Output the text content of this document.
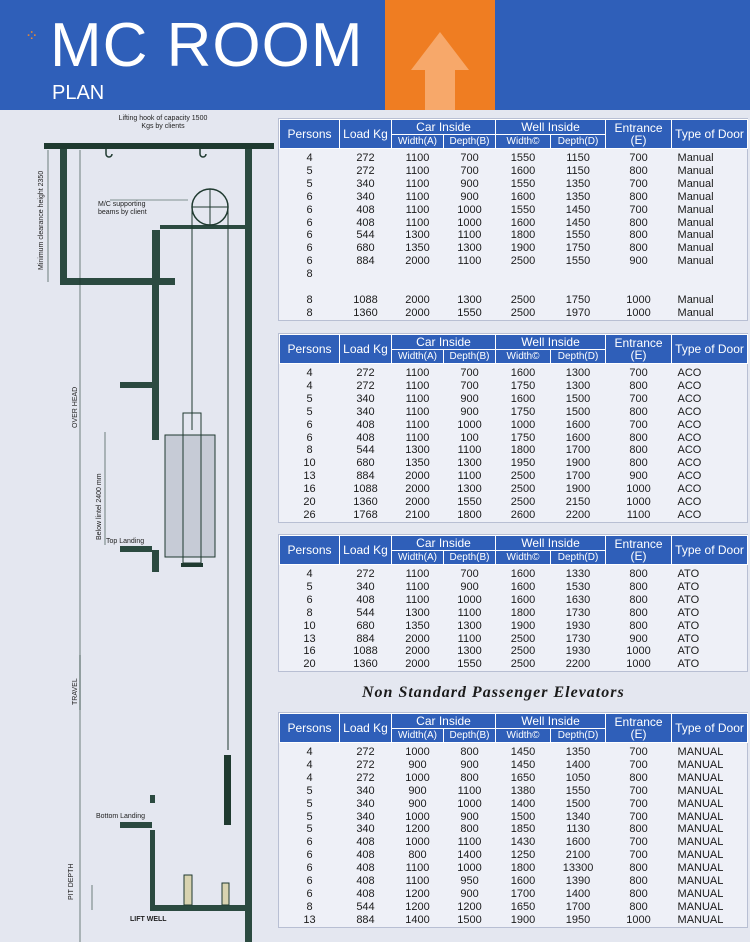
⁘ MC ROOM
PLAN
Lifting hook of capacity 1500 Kgs by clients
Minimum clearance height 2350	M/C supporting beams by client
OVER HEAD
Below lintel 2400 mm
Top Landing
TRAVEL
Bottom Landing
PIT DEPTH
LIFT WELL
Persons	Load Kg	Car Inside		Well Inside		Entrance (E)	Type of Door
		Width(A)	Depth(B)	Width©	Depth(D)		
4	272	1100	700	1550	1150	700	Manual
5	272	1100	700	1600	1150	800	Manual
5	340	1100	900	1550	1350	700	Manual
6	340	1100	900	1600	1350	800	Manual
6	408	1100	1000	1550	1450	700	Manual
6	408	1100	1000	1600	1450	800	Manual
6	544	1300	1100	1800	1550	800	Manual
6	680	1350	1300	1900	1750	800	Manual
6	884	2000	1100	2500	1550	900	Manual
8							

8	1088	2000	1300	2500	1750	1000	Manual
8	1360	2000	1550	2500	1970	1000	Manual
Persons	Load Kg	Car Inside		Well Inside		Entrance (E)	Type of Door
		Width(A)	Depth(B)	Width©	Depth(D)		
4	272	1100	700	1600	1300	700	ACO
4	272	1100	700	1750	1300	800	ACO
5	340	1100	900	1600	1500	700	ACO
5	340	1100	900	1750	1500	800	ACO
6	408	1100	1000	1000	1600	700	ACO
6	408	1100	100	1750	1600	800	ACO
8	544	1300	1100	1800	1700	800	ACO
10	680	1350	1300	1950	1900	800	ACO
13	884	2000	1100	2500	1700	900	ACO
16	1088	2000	1300	2500	1900	1000	ACO
20	1360	2000	1550	2500	2150	1000	ACO
26	1768	2100	1800	2600	2200	1100	ACO
Persons	Load Kg	Car Inside		Well Inside		Entrance (E)	Type of Door
		Width(A)	Depth(B)	Width©	Depth(D)		
4	272	1100	700	1600	1330	800	ATO
5	340	1100	900	1600	1530	800	ATO
6	408	1100	1000	1600	1630	800	ATO
8	544	1300	1100	1800	1730	800	ATO
10	680	1350	1300	1900	1930	800	ATO
13	884	2000	1100	2500	1730	900	ATO
16	1088	2000	1300	2500	1930	1000	ATO
20	1360	2000	1550	2500	2200	1000	ATO
Non Standard Passenger Elevators
Persons	Load Kg	Car Inside		Well Inside		Entrance (E)	Type of Door
		Width(A)	Depth(B)	Width©	Depth(D)		
4	272	1000	800	1450	1350	700	MANUAL
4	272	900	900	1450	1400	700	MANUAL
4	272	1000	800	1650	1050	800	MANUAL
5	340	900	1100	1380	1550	700	MANUAL
5	340	900	1000	1400	1500	700	MANUAL
5	340	1000	900	1500	1340	700	MANUAL
5	340	1200	800	1850	1130	800	MANUAL
6	408	1000	1100	1430	1600	700	MANUAL
6	408	800	1400	1250	2100	700	MANUAL
6	408	1100	1000	1800	13300	800	MANUAL
6	408	1100	950	1600	1390	800	MANUAL
6	408	1200	900	1700	1400	800	MANUAL
8	544	1200	1200	1650	1700	800	MANUAL
13	884	1400	1500	1900	1950	1000	MANUAL
